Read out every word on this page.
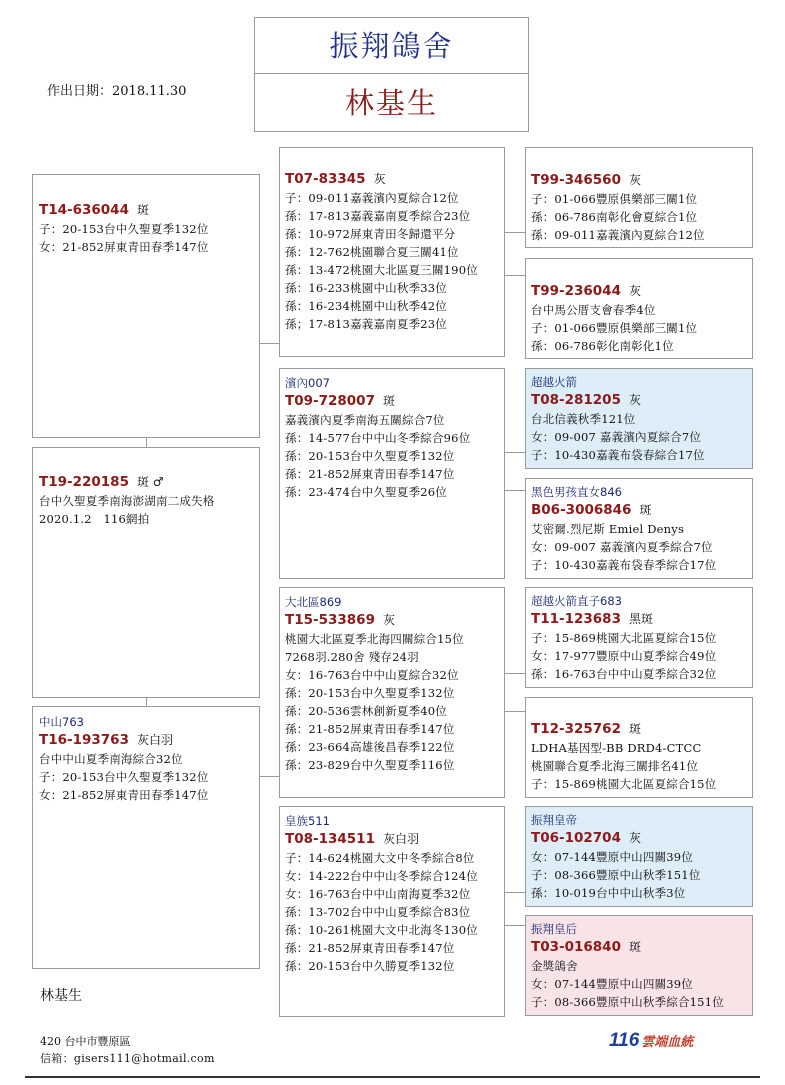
振翔鴿舍
林基生
作出日期：2018.11.30
T14-636044 斑
子：20-153台中久聖夏季132位
女：21-852屏東青田春季147位
T19-220185 斑 ♂
台中久聖夏季南海澎湖南二成失格
2020.1.2　116網拍
中山763
T16-193763 灰白羽
台中中山夏季南海綜合32位
子：20-153台中久聖夏季132位
女：21-852屏東青田春季147位
T07-83345 灰
子：09-011嘉義濱內夏綜合12位
孫：17-813嘉義嘉南夏季綜合23位
孫：10-972屏東青田冬歸還平分
孫：12-762桃園聯合夏三關41位
孫：13-472桃園大北區夏三關190位
孫：16-233桃園中山秋季33位
孫：16-234桃園中山秋季42位
孫；17-813嘉義嘉南夏季23位
濱內007
T09-728007 斑
嘉義濱內夏季南海五關綜合7位
孫：14-577台中中山冬季綜合96位
孫：20-153台中久聖夏季132位
孫：21-852屏東青田春季147位
孫：23-474台中久聖夏季26位
大北區869
T15-533869 灰
桃園大北區夏季北海四關綜合15位
7268羽.280舍 殘存24羽
女：16-763台中中山夏綜合32位
孫：20-153台中久聖夏季132位
孫：20-536雲林創新夏季40位
孫：21-852屏東青田春季147位
孫：23-664高雄後昌春季122位
孫：23-829台中久聖夏季116位
皇族511
T08-134511 灰白羽
子：14-624桃園大文中冬季綜合8位
女：14-222台中中山冬季綜合124位
女：16-763台中中山南海夏季32位
孫：13-702台中中山夏季綜合83位
孫：10-261桃園大文中北海冬130位
孫：21-852屏東青田春季147位
孫：20-153台中久勝夏季132位
T99-346560 灰
子：01-066豐原俱樂部三關1位
孫：06-786南彰化會夏綜合1位
孫：09-011嘉義濱內夏綜合12位
T99-236044 灰
台中馬公厝支會春季4位
子：01-066豐原俱樂部三關1位
孫：06-786彰化南彰化1位
超越火箭
T08-281205 灰
台北信義秋季121位
女：09-007 嘉義濱內夏綜合7位
子：10-430嘉義布袋春綜合17位
黑色男孩直女846
B06-3006846 斑
艾密爾.烈尼斯 Emiel Denys
女：09-007 嘉義濱內夏季綜合7位
子：10-430嘉義布袋春季綜合17位
超越火箭直子683
T11-123683 黑斑
子：15-869桃園大北區夏綜合15位
女：17-977豐原中山夏季綜合49位
孫：16-763台中中山夏季綜合32位
T12-325762 斑
LDHA基因型-BB DRD4-CTCC
桃園聯合夏季北海三關排名41位
子：15-869桃園大北區夏綜合15位
振翔皇帝
T06-102704 灰
女：07-144豐原中山四關39位
子：08-366豐原中山秋季151位
孫：10-019台中中山秋季3位
振翔皇后
T03-016840 斑
金獎鴿舍
女：07-144豐原中山四關39位
子：08-366豐原中山秋季綜合151位
林基生
420 台中市豐原區
信箱：gisers111@hotmail.com
116 雲端血統
